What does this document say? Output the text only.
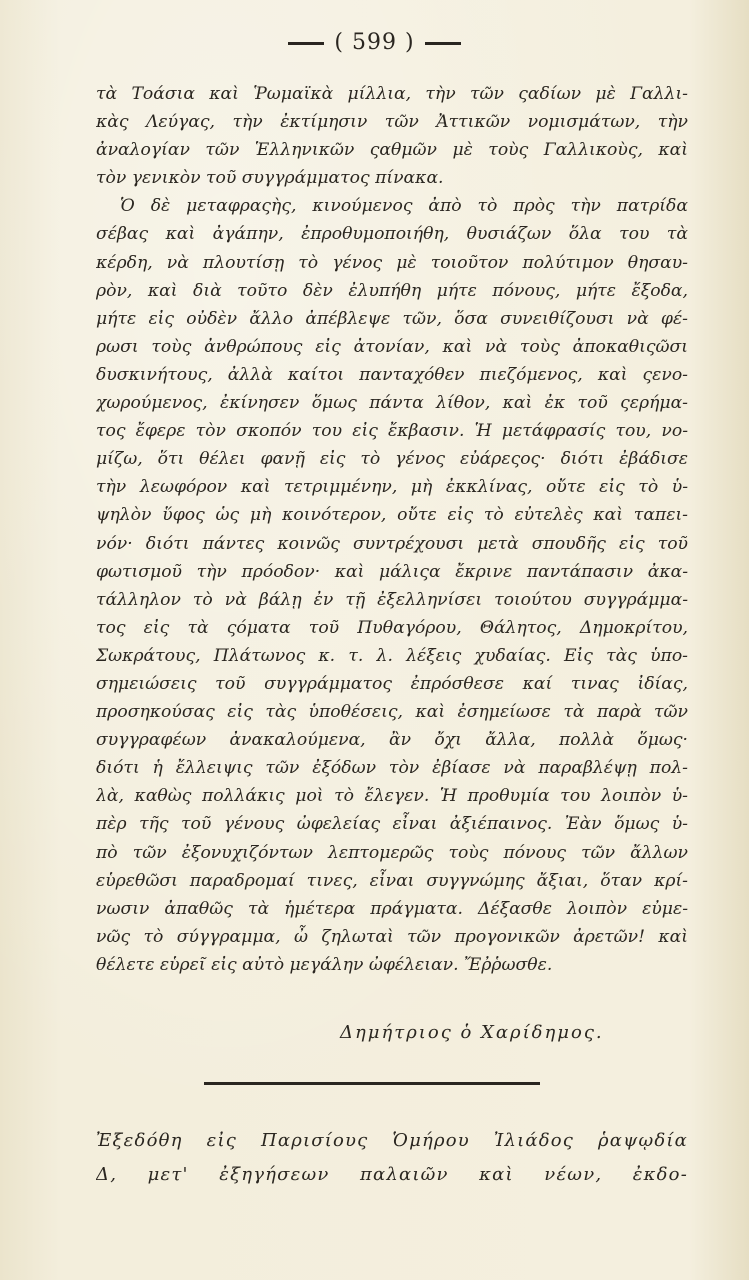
( 599 )
τὰ Τοάσια καὶ Ῥωμαϊκὰ μίλλια, τὴν τῶν ςαδίων μὲ Γαλλι-
κὰς Λεύγας, τὴν ἐκτίμησιν τῶν Ἀττικῶν νομισμάτων, τὴν
ἀναλογίαν τῶν Ἑλληνικῶν ςαθμῶν μὲ τοὺς Γαλλικοὺς, καὶ
τὸν γενικὸν τοῦ συγγράμματος πίνακα.
Ὁ δὲ μεταφραςὴς, κινούμενος ἀπὸ τὸ πρὸς τὴν πατρίδα
σέβας καὶ ἀγάπην, ἐπροθυμοποιήθη, θυσιάζων ὅλα του τὰ
κέρδη, νὰ πλουτίσῃ τὸ γένος μὲ τοιοῦτον πολύτιμον θησαυ-
ρὸν, καὶ διὰ τοῦτο δὲν ἐλυπήθη μήτε πόνους, μήτε ἔξοδα,
μήτε εἰς οὐδὲν ἄλλο ἀπέβλεψε τῶν, ὅσα συνειθίζουσι νὰ φέ-
ρωσι τοὺς ἀνθρώπους εἰς ἀτονίαν, καὶ νὰ τοὺς ἀποκαθιςῶσι
δυσκινήτους, ἀλλὰ καίτοι πανταχόθεν πιεζόμενος, καὶ ςενο-
χωρούμενος, ἐκίνησεν ὅμως πάντα λίθον, καὶ ἐκ τοῦ ςερήμα-
τος ἔφερε τὸν σκοπόν του εἰς ἔκβασιν. Ἡ μετάφρασίς του, νο-
μίζω, ὅτι θέλει φανῇ εἰς τὸ γένος εὐάρεςος· διότι ἐβάδισε
τὴν λεωφόρον καὶ τετριμμένην, μὴ ἐκκλίνας, οὔτε εἰς τὸ ὑ-
ψηλὸν ὕφος ὡς μὴ κοινότερον, οὔτε εἰς τὸ εὐτελὲς καὶ ταπει-
νόν· διότι πάντες κοινῶς συντρέχουσι μετὰ σπουδῆς εἰς τοῦ
φωτισμοῦ τὴν πρόοδον· καὶ μάλιςα ἔκρινε παντάπασιν ἀκα-
τάλληλον τὸ νὰ βάλῃ ἐν τῇ ἐξελληνίσει τοιούτου συγγράμμα-
τος εἰς τὰ ςόματα τοῦ Πυθαγόρου, Θάλητος, Δημοκρίτου,
Σωκράτους, Πλάτωνος κ. τ. λ. λέξεις χυδαίας. Εἰς τὰς ὑπο-
σημειώσεις τοῦ συγγράμματος ἐπρόσθεσε καί τινας ἰδίας,
προσηκούσας εἰς τὰς ὑποθέσεις, καὶ ἐσημείωσε τὰ παρὰ τῶν
συγγραφέων ἀνακαλούμενα, ἂν ὄχι ἄλλα, πολλὰ ὅμως·
διότι ἡ ἔλλειψις τῶν ἐξόδων τὸν ἐβίασε νὰ παραβλέψῃ πολ-
λὰ, καθὼς πολλάκις μοὶ τὸ ἔλεγεν. Ἡ προθυμία του λοιπὸν ὑ-
πὲρ τῆς τοῦ γένους ὠφελείας εἶναι ἀξιέπαινος. Ἐὰν ὅμως ὑ-
πὸ τῶν ἐξονυχιζόντων λεπτομερῶς τοὺς πόνους τῶν ἄλλων
εὑρεθῶσι παραδρομαί τινες, εἶναι συγγνώμης ἄξιαι, ὅταν κρί-
νωσιν ἀπαθῶς τὰ ἡμέτερα πράγματα. Δέξασθε λοιπὸν εὐμε-
νῶς τὸ σύγγραμμα, ὦ ζηλωταὶ τῶν προγονικῶν ἀρετῶν! καὶ
θέλετε εὑρεῖ εἰς αὐτὸ μεγάλην ὠφέλειαν. Ἔῤῥωσθε.
Δημήτριος ὁ Χαρίδημος.
Ἐξεδόθη εἰς Παρισίους Ὁμήρου Ἰλιάδος ῥαψῳδία
Δ, μετ' ἐξηγήσεων παλαιῶν καὶ νέων, ἐκδο-
